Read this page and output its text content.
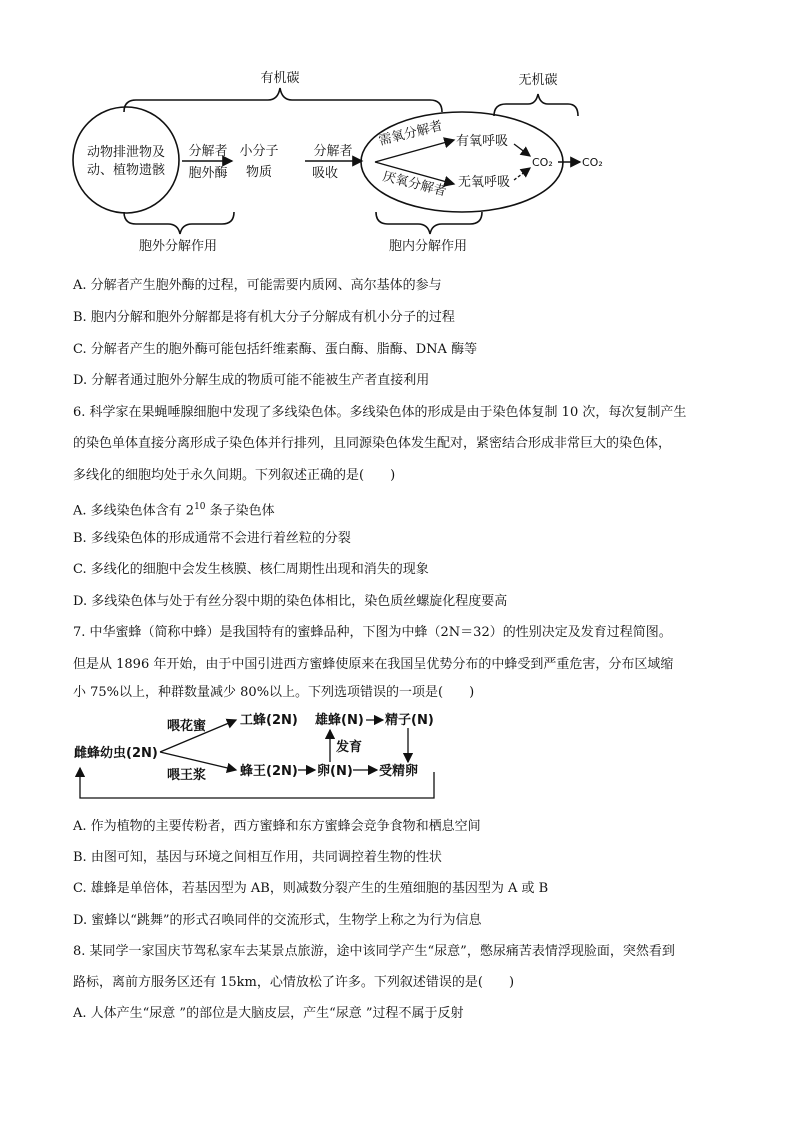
有机碳	无机碳
动物排泄物及
动、植物遗骸
分解者
胞外酶
小分子
物质
分解者
吸收
需氧分解者
厌氧分解者
有氧呼吸
无氧呼吸
CO₂	CO₂
胞外分解作用	胞内分解作用
A. 分解者产生胞外酶的过程，可能需要内质网、高尔基体的参与
B. 胞内分解和胞外分解都是将有机大分子分解成有机小分子的过程
C. 分解者产生的胞外酶可能包括纤维素酶、蛋白酶、脂酶、DNA 酶等
D. 分解者通过胞外分解生成的物质可能不能被生产者直接利用
6. 科学家在果蝇唾腺细胞中发现了多线染色体。多线染色体的形成是由于染色体复制 10 次，每次复制产生
的染色单体直接分离形成子染色体并行排列，且同源染色体发生配对，紧密结合形成非常巨大的染色体，
多线化的细胞均处于永久间期。下列叙述正确的是(　　)
A. 多线染色体含有 $2^{10}$ 条子染色体
B. 多线染色体的形成通常不会进行着丝粒的分裂
C. 多线化的细胞中会发生核膜、核仁周期性出现和消失的现象
D. 多线染色体与处于有丝分裂中期的染色体相比，染色质丝螺旋化程度要高
7. 中华蜜蜂（简称中蜂）是我国特有的蜜蜂品种，下图为中蜂（2N＝32）的性别决定及发育过程简图。
但是从 1896 年开始，由于中国引进西方蜜蜂使原来在我国呈优势分布的中蜂受到严重危害，分布区域缩
小 75%以上，种群数量减少 80%以上。下列选项错误的一项是(　　)
雌蜂幼虫(2N)
喂花蜜
喂王浆
工蜂(2N)
蜂王(2N) 卵(N) 受精卵
雄蜂(N) 精子(N)
发育
A. 作为植物的主要传粉者，西方蜜蜂和东方蜜蜂会竞争食物和栖息空间
B. 由图可知，基因与环境之间相互作用，共同调控着生物的性状
C. 雄蜂是单倍体，若基因型为 AB，则减数分裂产生的生殖细胞的基因型为 A 或 B
D. 蜜蜂以“跳舞”的形式召唤同伴的交流形式，生物学上称之为行为信息
8. 某同学一家国庆节驾私家车去某景点旅游，途中该同学产生“尿意”，憋尿痛苦表情浮现脸面，突然看到
路标，离前方服务区还有 15km，心情放松了许多。下列叙述错误的是(　　)
A. 人体产生“尿意 ”的部位是大脑皮层，产生“尿意 ”过程不属于反射
